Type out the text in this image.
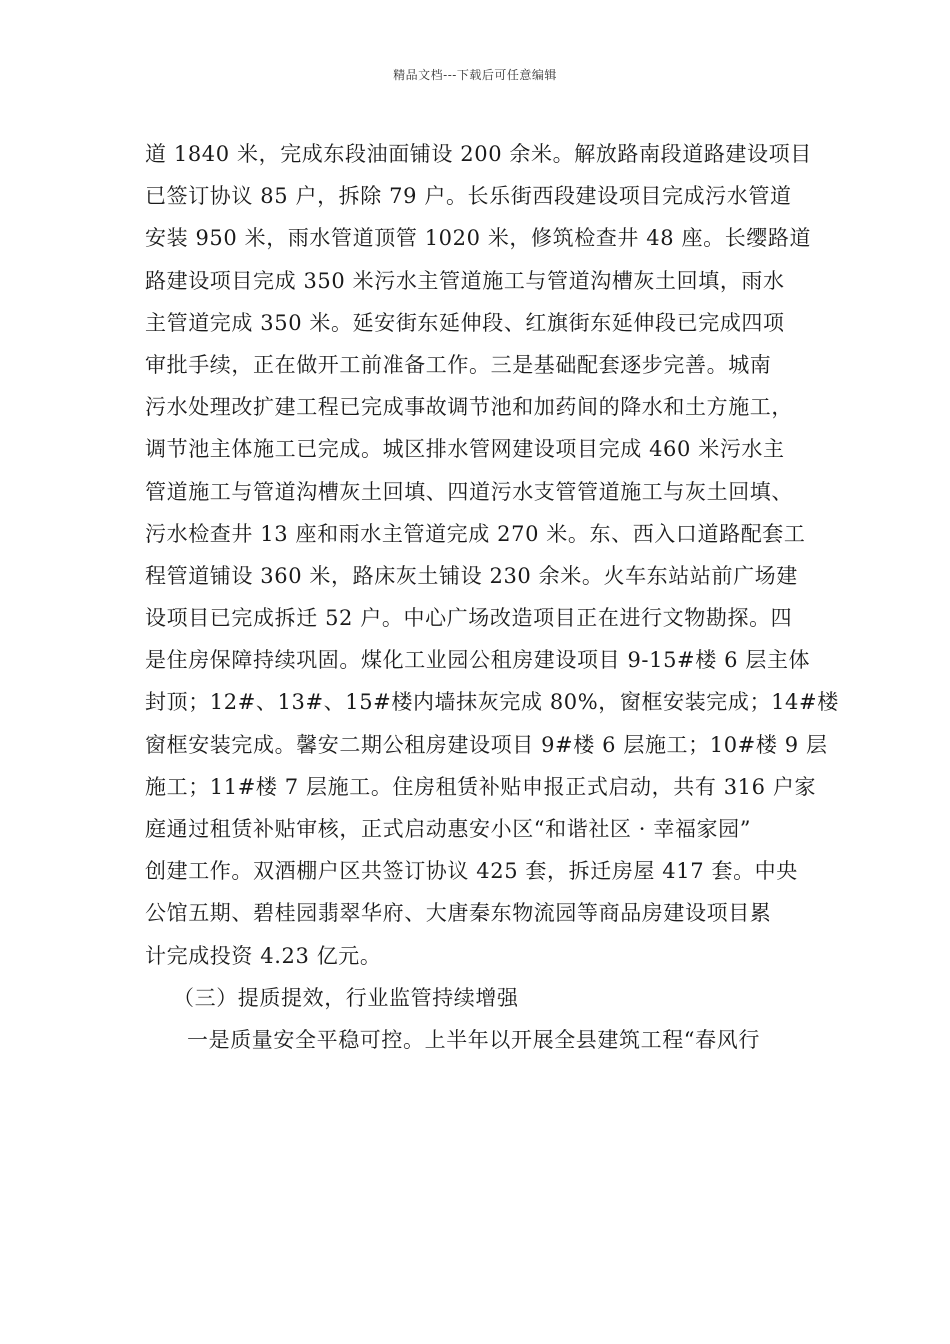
精品文档---下载后可任意编辑
道 1840 米，完成东段油面铺设 200 余米。解放路南段道路建设项目
已签订协议 85 户，拆除 79 户。长乐街西段建设项目完成污水管道
安装 950 米，雨水管道顶管 1020 米，修筑检查井 48 座。长缨路道
路建设项目完成 350 米污水主管道施工与管道沟槽灰土回填，雨水
主管道完成 350 米。延安街东延伸段、红旗街东延伸段已完成四项
审批手续，正在做开工前准备工作。三是基础配套逐步完善。城南
污水处理改扩建工程已完成事故调节池和加药间的降水和土方施工，
调节池主体施工已完成。城区排水管网建设项目完成 460 米污水主
管道施工与管道沟槽灰土回填、四道污水支管管道施工与灰土回填、
污水检查井 13 座和雨水主管道完成 270 米。东、西入口道路配套工
程管道铺设 360 米，路床灰土铺设 230 余米。火车东站站前广场建
设项目已完成拆迁 52 户。中心广场改造项目正在进行文物勘探。四
是住房保障持续巩固。煤化工业园公租房建设项目 9-15#楼 6 层主体
封顶；12#、13#、15#楼内墙抹灰完成 80%，窗框安装完成；14#楼
窗框安装完成。馨安二期公租房建设项目 9#楼 6 层施工；10#楼 9 层
施工；11#楼 7 层施工。住房租赁补贴申报正式启动，共有 316 户家
庭通过租赁补贴审核，正式启动惠安小区“和谐社区 · 幸福家园”
创建工作。双酒棚户区共签订协议 425 套，拆迁房屋 417 套。中央
公馆五期、碧桂园翡翠华府、大唐秦东物流园等商品房建设项目累
计完成投资 4.23 亿元。
（三）提质提效，行业监管持续增强
一是质量安全平稳可控。上半年以开展全县建筑工程“春风行
